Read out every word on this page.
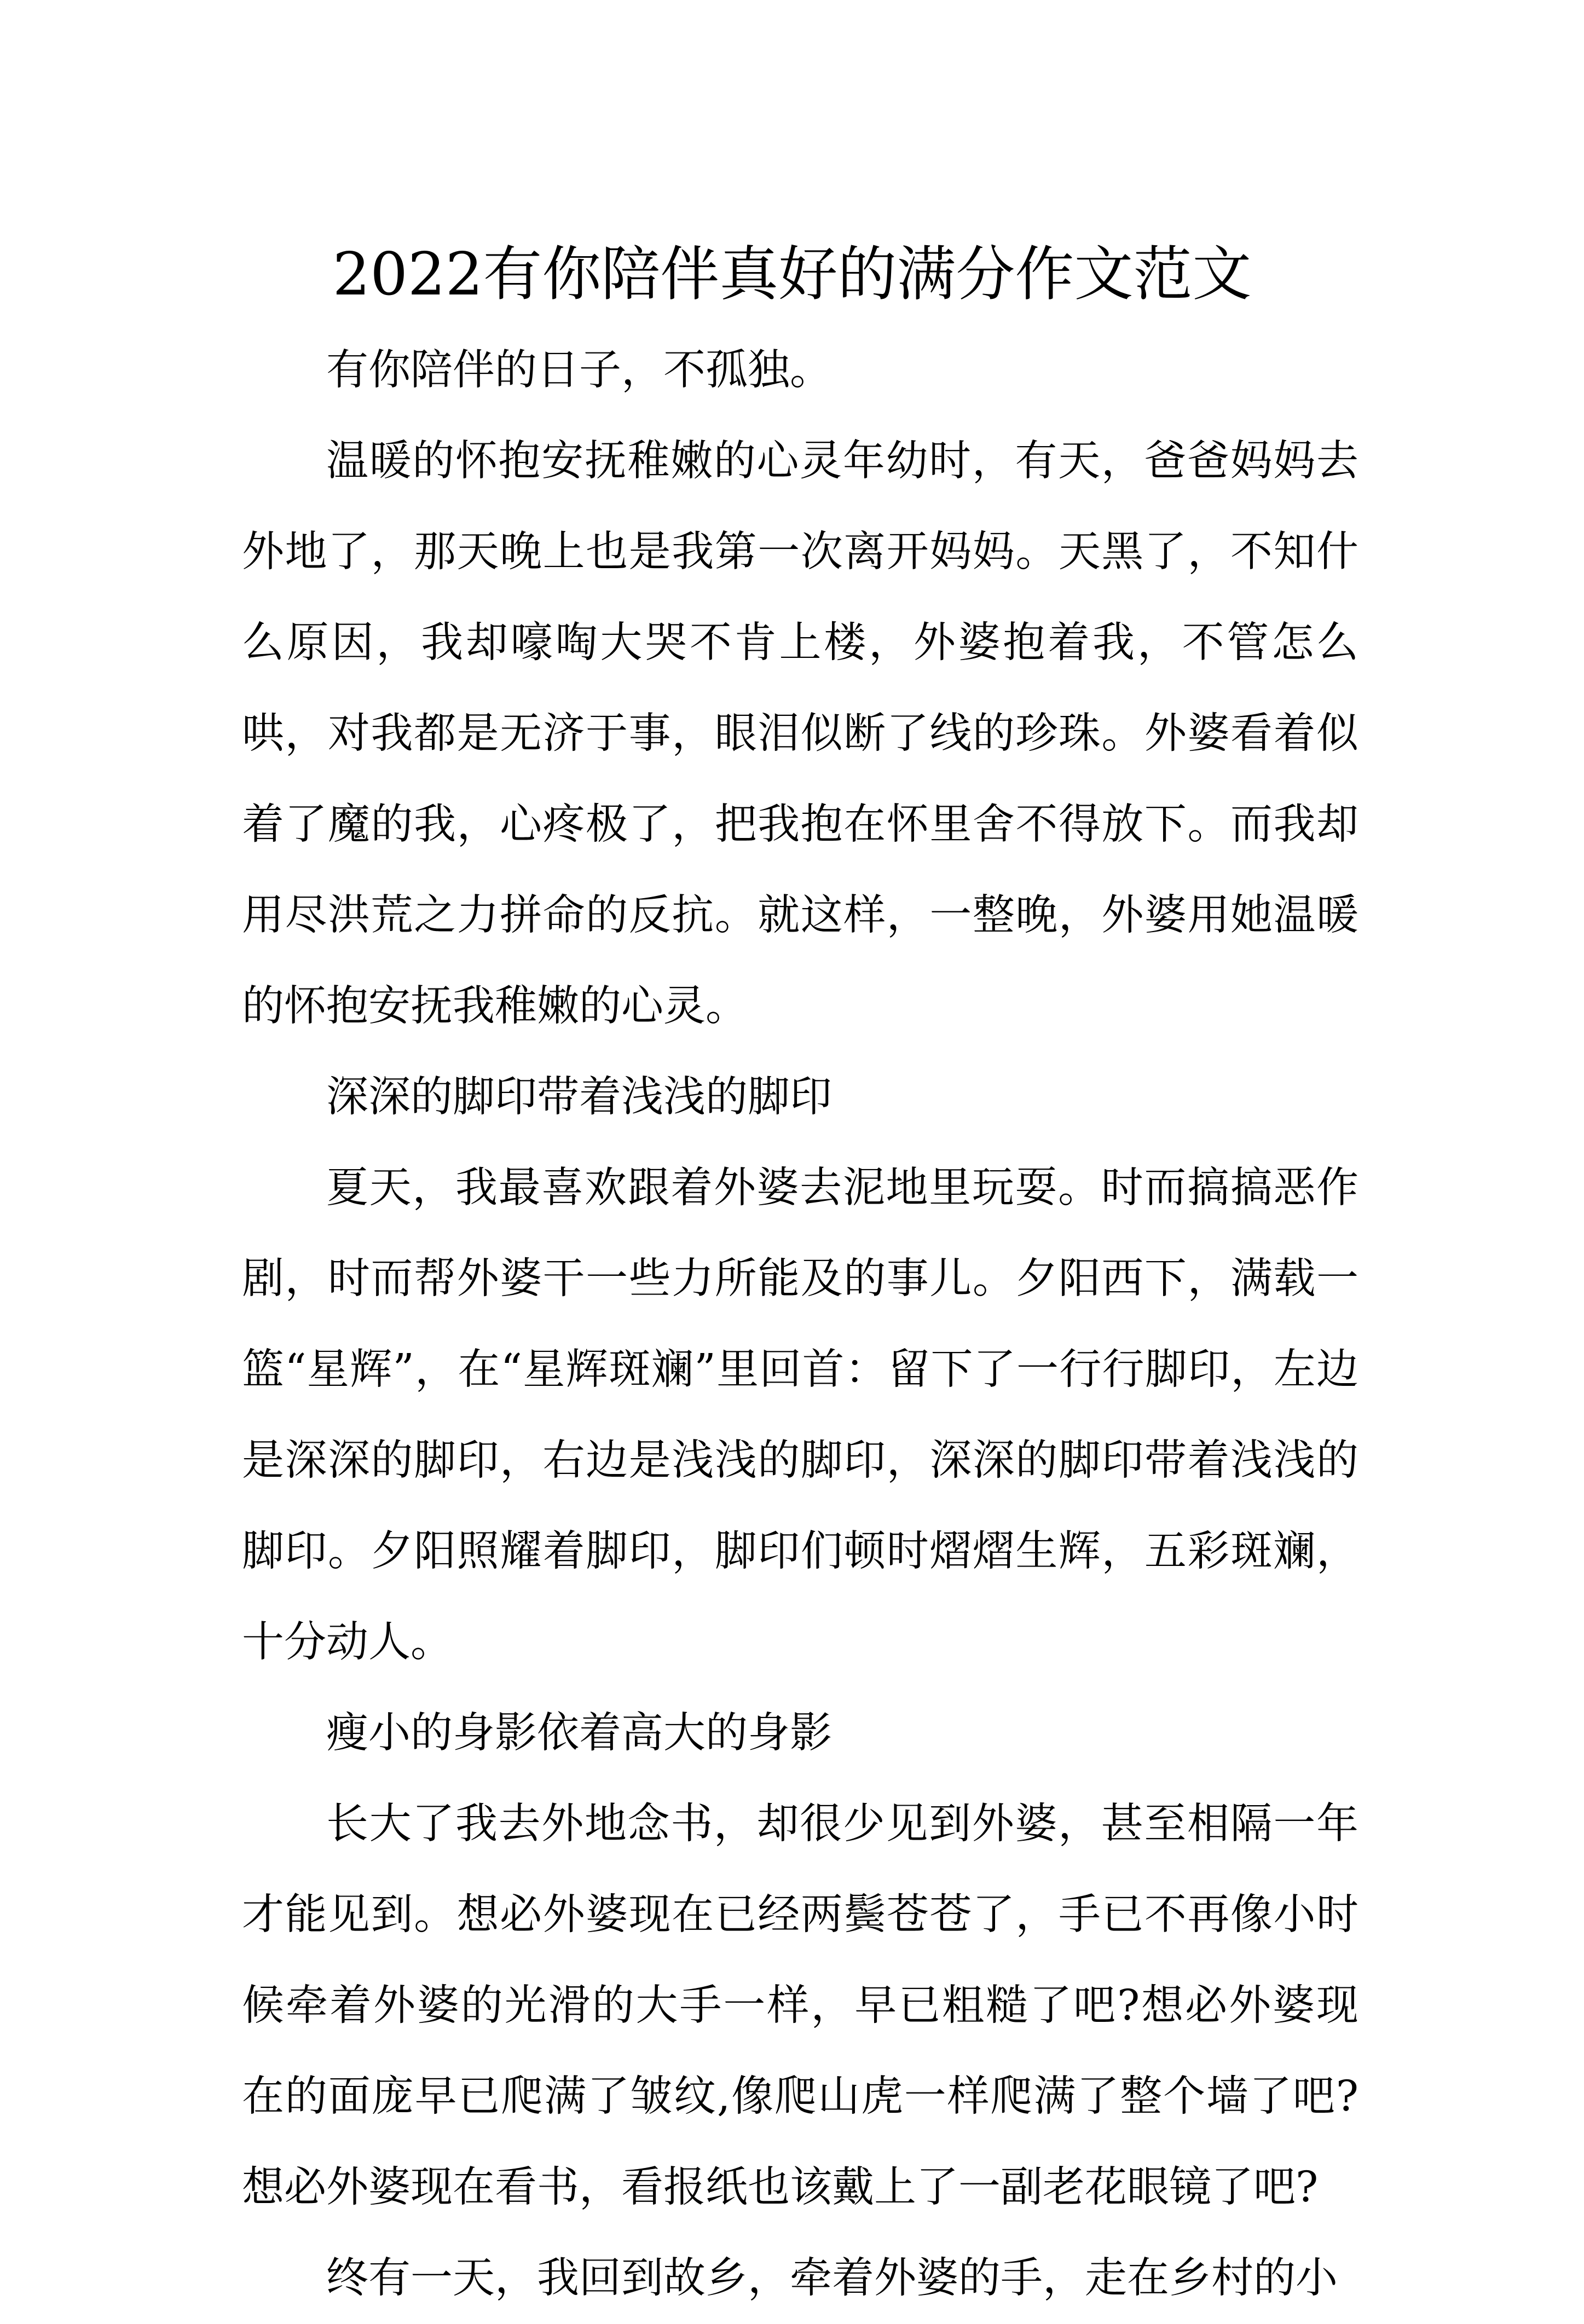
2022有你陪伴真好的满分作文范文

有你陪伴的日子，不孤独。

温暖的怀抱安抚稚嫩的心灵年幼时，有天，爸爸妈妈去外地了，那天晚上也是我第一次离开妈妈。天黑了，不知什么原因，我却嚎啕大哭不肯上楼，外婆抱着我，不管怎么哄，对我都是无济于事，眼泪似断了线的珍珠。外婆看着似着了魔的我，心疼极了，把我抱在怀里舍不得放下。而我却用尽洪荒之力拼命的反抗。就这样，一整晚，外婆用她温暖的怀抱安抚我稚嫩的心灵。

深深的脚印带着浅浅的脚印

夏天，我最喜欢跟着外婆去泥地里玩耍。时而搞搞恶作剧，时而帮外婆干一些力所能及的事儿。夕阳西下，满载一篮“星辉”，在“星辉斑斓”里回首：留下了一行行脚印，左边是深深的脚印，右边是浅浅的脚印，深深的脚印带着浅浅的脚印。夕阳照耀着脚印，脚印们顿时熠熠生辉，五彩斑斓，十分动人。

瘦小的身影依着高大的身影

长大了我去外地念书，却很少见到外婆，甚至相隔一年才能见到。想必外婆现在已经两鬓苍苍了，手已不再像小时候牵着外婆的光滑的大手一样，早已粗糙了吧?想必外婆现在的面庞早已爬满了皱纹,像爬山虎一样爬满了整个墙了吧?想必外婆现在看书，看报纸也该戴上了一副老花眼镜了吧?

终有一天，我回到故乡，牵着外婆的手，走在乡村的小
